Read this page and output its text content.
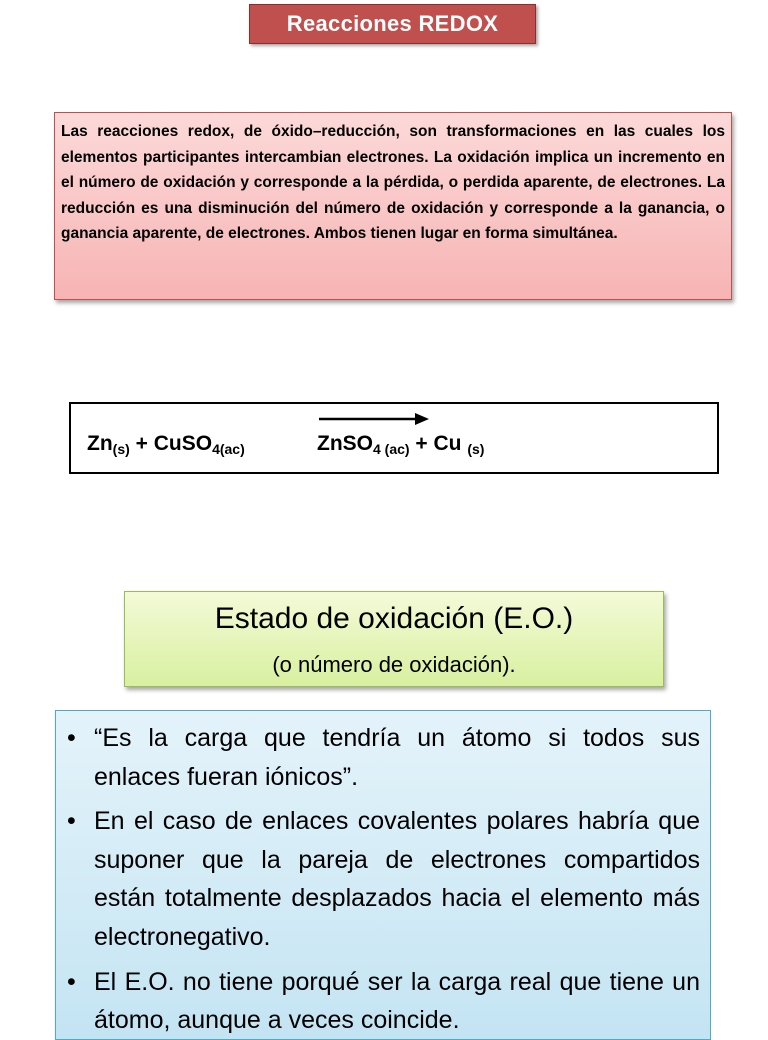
Reacciones REDOX
Las reacciones redox, de óxido–reducción, son transformaciones en las cuales los elementos participantes intercambian electrones. La oxidación implica un incremento en el número de oxidación y corresponde a la pérdida, o perdida aparente, de electrones. La reducción es una disminución del número de oxidación y corresponde a la ganancia, o ganancia aparente, de electrones. Ambos tienen lugar en forma simultánea.
$Zn_{(s)}$ + CuSO$_{4(ac)}$	ZnSO$_{4 (ac)}$ + Cu $_{(s)}$
Estado de oxidación (E.O.)
(o número de oxidación).
• “Es la carga que tendría un átomo si todos sus enlaces fueran iónicos”.
• En el caso de enlaces covalentes polares habría que suponer que la pareja de electrones compartidos están totalmente desplazados hacia el elemento más electronegativo.
• El E.O. no tiene porqué ser la carga real que tiene un átomo, aunque a veces coincide.
